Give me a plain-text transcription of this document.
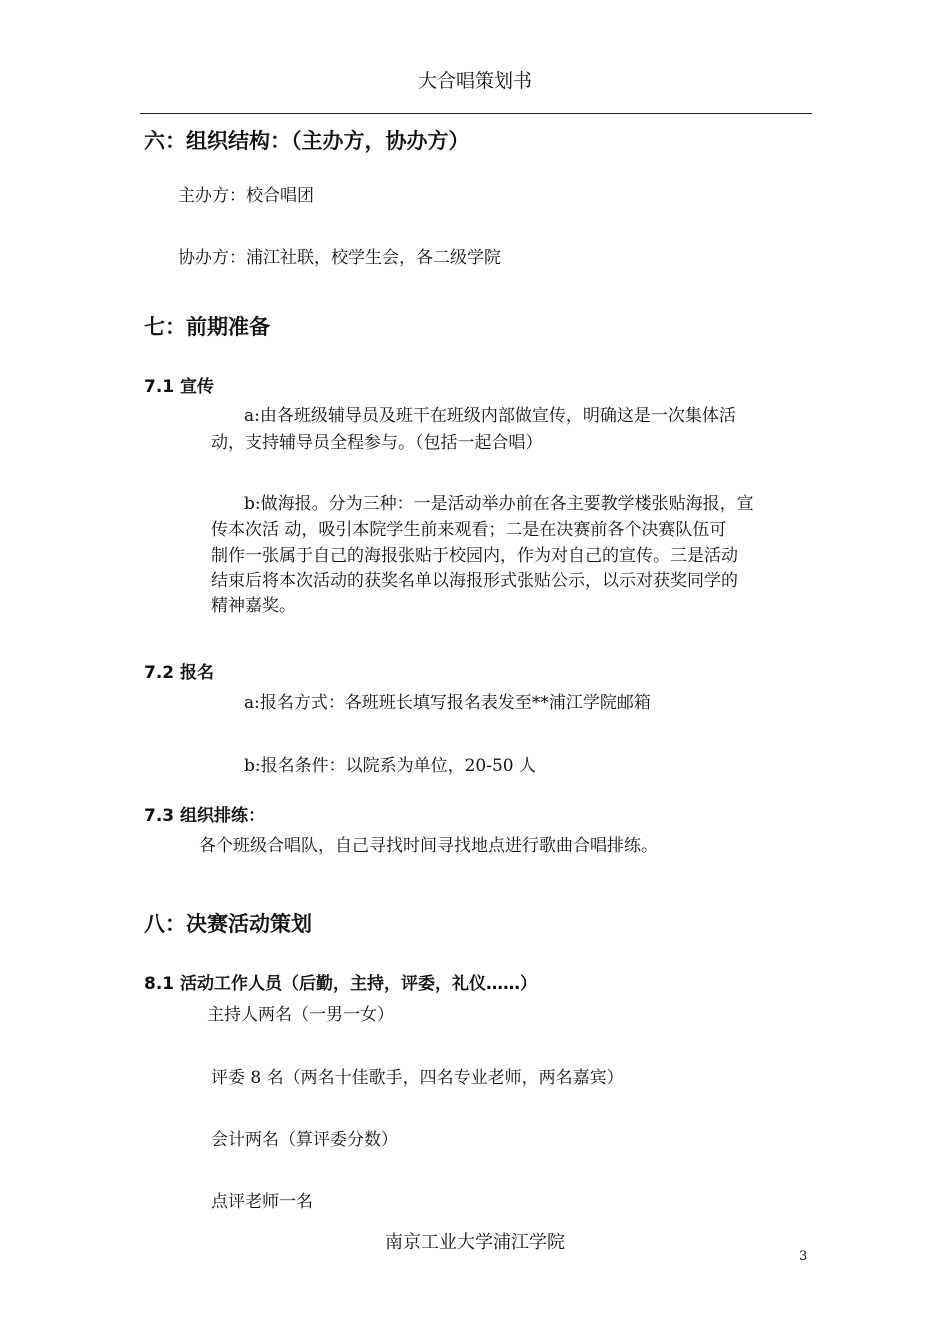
大合唱策划书
六：组织结构：（主办方，协办方）
主办方：校合唱团
协办方：浦江社联，校学生会，各二级学院
七：前期准备
7.1 宣传
a:由各班级辅导员及班干在班级内部做宣传，明确这是一次集体活
动，支持辅导员全程参与。（包括一起合唱）
b:做海报。分为三种：一是活动举办前在各主要教学楼张贴海报，宣
传本次活 动，吸引本院学生前来观看；二是在决赛前各个决赛队伍可
制作一张属于自己的海报张贴于校园内，作为对自己的宣传。三是活动
结束后将本次活动的获奖名单以海报形式张贴公示，以示对获奖同学的
精神嘉奖。
7.2 报名
a:报名方式：各班班长填写报名表发至**浦江学院邮箱
b:报名条件：以院系为单位，20-50 人
7.3 组织排练：
各个班级合唱队，自己寻找时间寻找地点进行歌曲合唱排练。
八：决赛活动策划
8.1 活动工作人员（后勤，主持，评委，礼仪……）
主持人两名（一男一女）
评委 8 名（两名十佳歌手，四名专业老师，两名嘉宾）
会计两名（算评委分数）
点评老师一名
南京工业大学浦江学院
3
